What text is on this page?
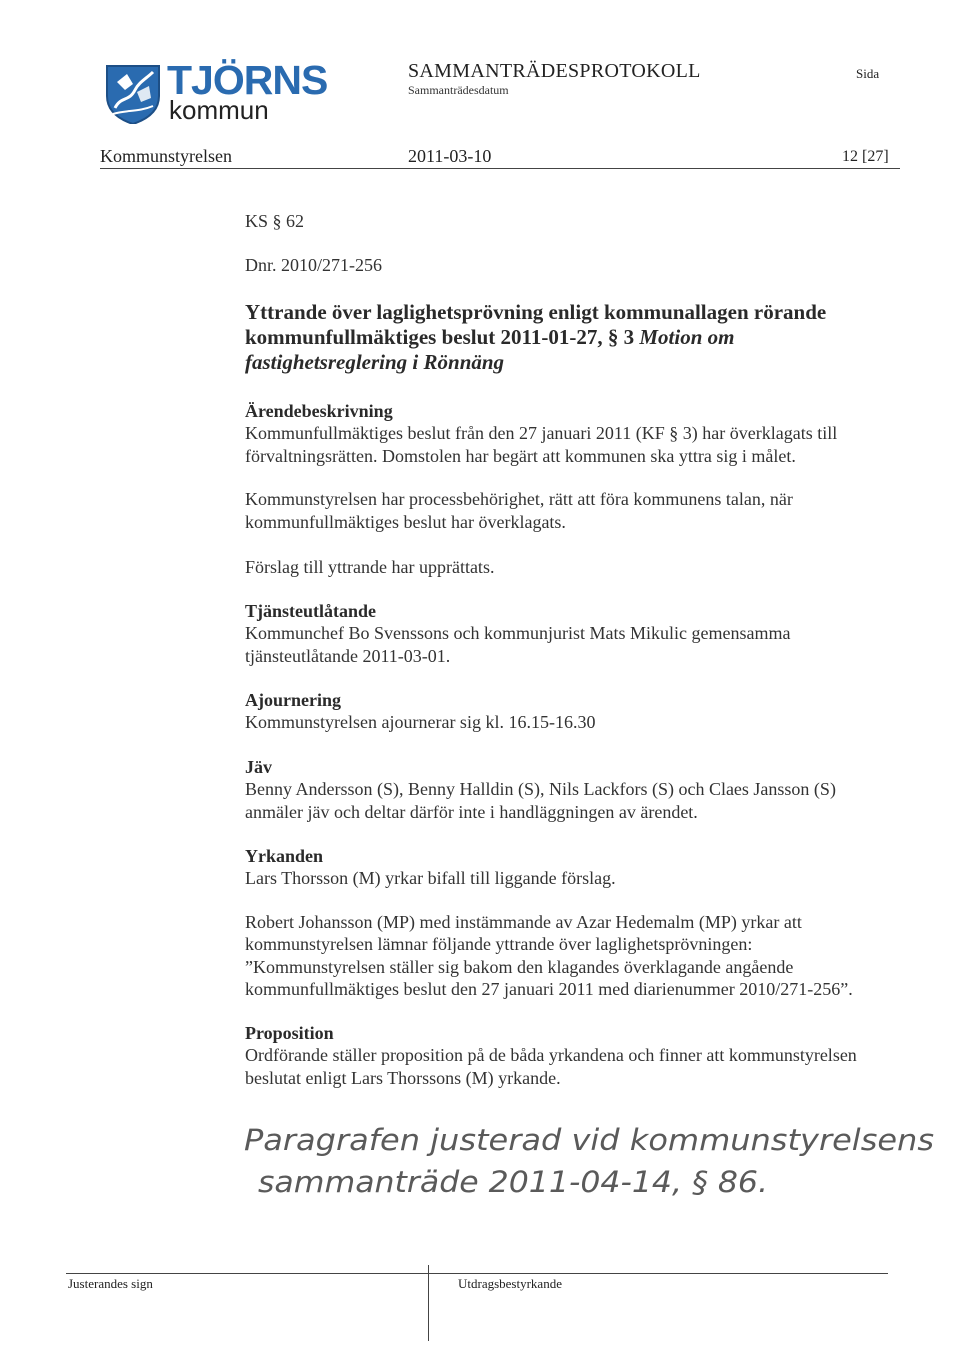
TJÖRNS
kommun
SAMMANTRÄDESPROTOKOLL
Sammanträdesdatum
Sida
Kommunstyrelsen	2011-03-10	12 [27]
KS § 62
Dnr. 2010/271-256
Yttrande över laglighetsprövning enligt kommunallagen rörande
kommunfullmäktiges beslut 2011-01-27, § 3 Motion om
fastighetsreglering i Rönnäng
Ärendebeskrivning
Kommunfullmäktiges beslut från den 27 januari 2011 (KF § 3) har överklagats till
förvaltningsrätten. Domstolen har begärt att kommunen ska yttra sig i målet.
Kommunstyrelsen har processbehörighet, rätt att föra kommunens talan, när
kommunfullmäktiges beslut har överklagats.
Förslag till yttrande har upprättats.
Tjänsteutlåtande
Kommunchef Bo Svenssons och kommunjurist Mats Mikulic gemensamma
tjänsteutlåtande 2011-03-01.
Ajournering
Kommunstyrelsen ajournerar sig kl. 16.15-16.30
Jäv
Benny Andersson (S), Benny Halldin (S), Nils Lackfors (S) och Claes Jansson (S)
anmäler jäv och deltar därför inte i handläggningen av ärendet.
Yrkanden
Lars Thorsson (M) yrkar bifall till liggande förslag.
Robert Johansson (MP) med instämmande av Azar Hedemalm (MP) yrkar att
kommunstyrelsen lämnar följande yttrande över laglighetsprövningen:
”Kommunstyrelsen ställer sig bakom den klagandes överklagande angående
kommunfullmäktiges beslut den 27 januari 2011 med diarienummer 2010/271-256”.
Proposition
Ordförande ställer proposition på de båda yrkandena och finner att kommunstyrelsen
beslutat enligt Lars Thorssons (M) yrkande.
Paragrafen justerad vid kommunstyrelsens
sammanträde 2011-04-14, § 86.
Justerandes sign	Utdragsbestyrkande
